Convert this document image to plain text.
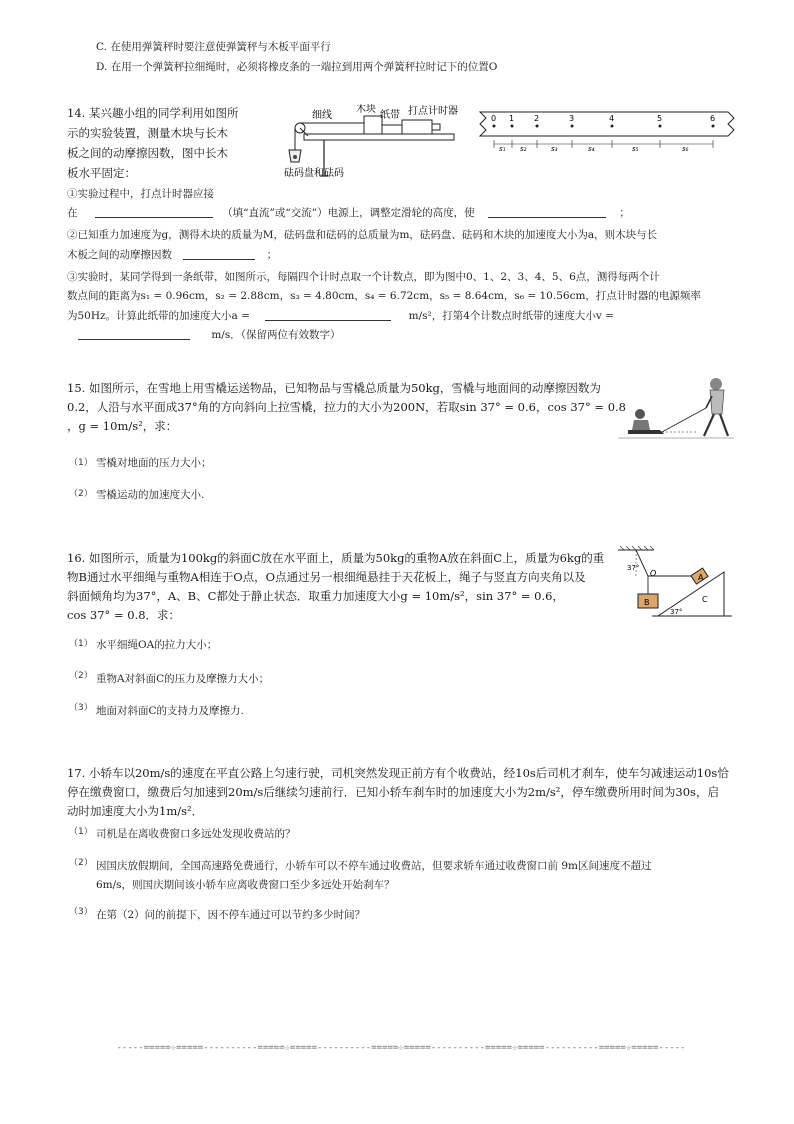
C. 在使用弹簧秤时要注意使弹簧秤与木板平面平行
D. 在用一个弹簧秤拉细绳时，必须将橡皮条的一端拉到用两个弹簧秤拉时记下的位置O
14. 某兴趣小组的同学利用如图所
示的实验装置，测量木块与长木
板之间的动摩擦因数，图中长木
板水平固定：
细线
木块
纸带 打点计时器
砝码盘和砝码
0 1 2	3	4	5	6
s₁ s₂	s₃	s₄	s₅	s₆
①实验过程中，打点计时器应接
在	（填“直流”或“交流”）电源上，调整定滑轮的高度，使	；
②已知重力加速度为g，测得木块的质量为M，砝码盘和砝码的总质量为m，砝码盘、砝码和木块的加速度大小为a，则木块与长
木板之间的动摩擦因数	；
③实验时，某同学得到一条纸带，如图所示，每隔四个计时点取一个计数点，即为图中0、1、2、3、4、5、6点，测得每两个计
数点间的距离为s₁ = 0.96cm，s₂ = 2.88cm，s₃ = 4.80cm，s₄ = 6.72cm，s₅ = 8.64cm，s₆ = 10.56cm，打点计时器的电源频率
为50Hz。计算此纸带的加速度大小a =	m/s²，打第4个计数点时纸带的速度大小v =
m/s．（保留两位有效数字）
15. 如图所示，在雪地上用雪橇运送物品，已知物品与雪橇总质量为50kg，雪橇与地面间的动摩擦因数为
0.2，人沿与水平面成37°角的方向斜向上拉雪橇，拉力的大小为200N，若取sin 37° = 0.6，cos 37° = 0.8
，g = 10m/s²，求：
（1） 雪橇对地面的压力大小；
（2） 雪橇运动的加速度大小.
16. 如图所示，质量为100kg的斜面C放在水平面上，质量为50kg的重物A放在斜面C上，质量为6kg的重
物B通过水平细绳与重物A相连于O点，O点通过另一根细绳悬挂于天花板上，绳子与竖直方向夹角以及
斜面倾角均为37°，A、B、C都处于静止状态．取重力加速度大小g = 10m/s²，sin 37° = 0.6，
cos 37° = 0.8．求：
37°
O
B	C
A
37°
（1） 水平细绳OA的拉力大小；
（2） 重物A对斜面C的压力及摩擦力大小；
（3） 地面对斜面C的支持力及摩擦力.
17. 小轿车以20m/s的速度在平直公路上匀速行驶，司机突然发现正前方有个收费站，经10s后司机才刹车，使车匀减速运动10s恰
停在缴费窗口，缴费后匀加速到20m/s后继续匀速前行．已知小轿车刹车时的加速度大小为2m/s²，停车缴费所用时间为30s，启
动时加速度大小为1m/s²．
（1） 司机是在离收费窗口多远处发现收费站的？
（2） 因国庆放假期间，全国高速路免费通行，小轿车可以不停车通过收费站，但要求轿车通过收费窗口前 9m区间速度不超过
6m/s，则国庆期间该小轿车应离收费窗口至少多远处开始刹车？
（3） 在第（2）问的前提下，因不停车通过可以节约多少时间？
-----=====☆=====----------=====☆=====----------=====☆=====----------=====☆=====----------=====☆=====-----
